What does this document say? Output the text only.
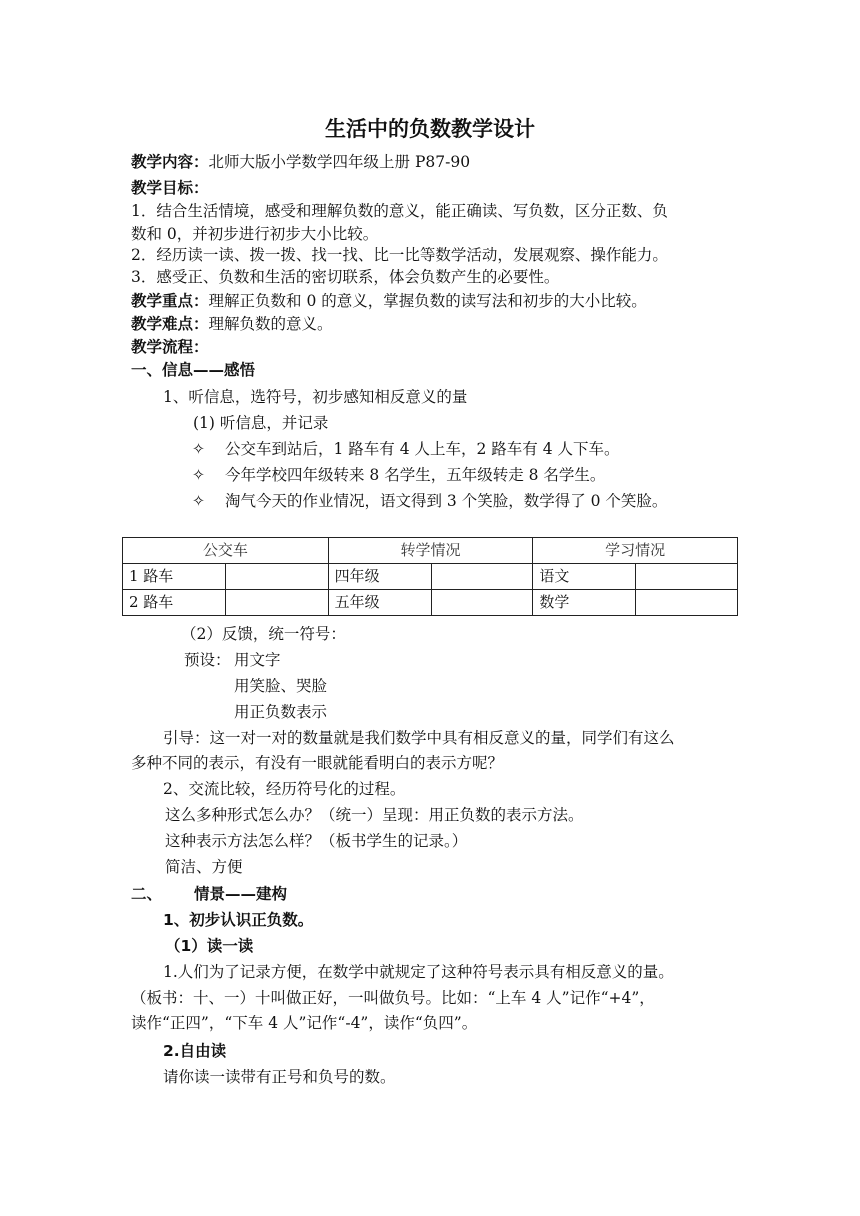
生活中的负数教学设计
教学内容：北师大版小学数学四年级上册 P87-90
教学目标：
1．结合生活情境，感受和理解负数的意义，能正确读、写负数，区分正数、负
数和 0，并初步进行初步大小比较。
2．经历读一读、拨一拨、找一找、比一比等数学活动，发展观察、操作能力。
3．感受正、负数和生活的密切联系，体会负数产生的必要性。
教学重点：理解正负数和 0 的意义，掌握负数的读写法和初步的大小比较。
教学难点：理解负数的意义。
教学流程：
一、信息——感悟
1、听信息，选符号，初步感知相反意义的量
(1) 听信息，并记录
✧ 公交车到站后，1 路车有 4 人上车，2 路车有 4 人下车。
✧ 今年学校四年级转来 8 名学生，五年级转走 8 名学生。
✧ 淘气今天的作业情况，语文得到 3 个笑脸，数学得了 0 个笑脸。
公交车		转学情况		学习情况	
1 路车		四年级		语文	
2 路车		五年级		数学	
（2）反馈，统一符号：
预设： 用文字
用笑脸、哭脸
用正负数表示
引导：这一对一对的数量就是我们数学中具有相反意义的量，同学们有这么
多种不同的表示，有没有一眼就能看明白的表示方呢？
2、交流比较，经历符号化的过程。
这么多种形式怎么办？（统一）呈现：用正负数的表示方法。
这种表示方法怎么样？（板书学生的记录。）
简洁、方便
二、 情景——建构
1、初步认识正负数。
（1）读一读
1.人们为了记录方便，在数学中就规定了这种符号表示具有相反意义的量。
（板书：十、一）十叫做正好，一叫做负号。比如：“上车 4 人”记作“+4”，
读作“正四”，“下车 4 人”记作“-4”，读作“负四”。
2.自由读
请你读一读带有正号和负号的数。
